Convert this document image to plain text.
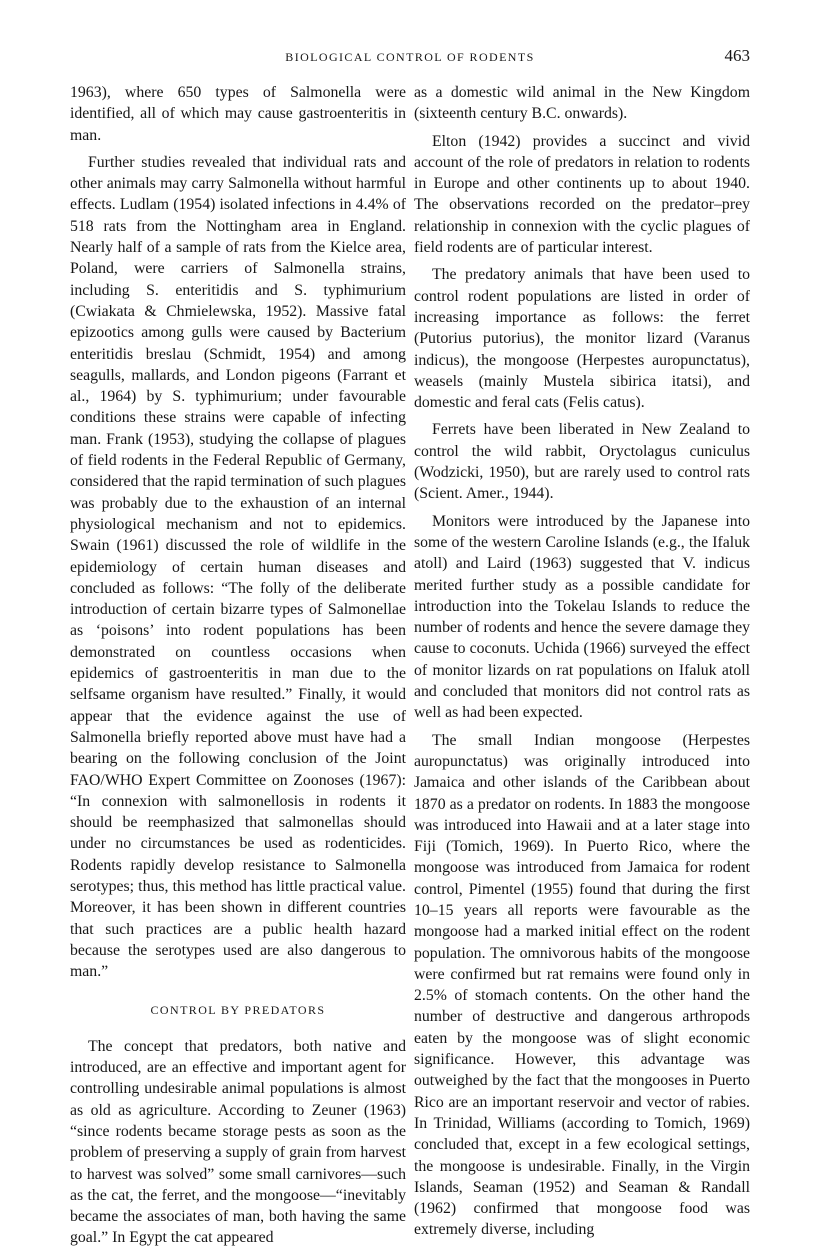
BIOLOGICAL CONTROL OF RODENTS	463

1963), where 650 types of Salmonella were identified, all of which may cause gastroenteritis in man.

Further studies revealed that individual rats and other animals may carry Salmonella without harmful effects. Ludlam (1954) isolated infections in 4.4% of 518 rats from the Nottingham area in England. Nearly half of a sample of rats from the Kielce area, Poland, were carriers of Salmonella strains, including S. enteritidis and S. typhimurium (Cwiakata & Chmielewska, 1952). Massive fatal epizootics among gulls were caused by Bacterium enteritidis breslau (Schmidt, 1954) and among seagulls, mallards, and London pigeons (Farrant et al., 1964) by S. typhimurium; under favourable conditions these strains were capable of infecting man. Frank (1953), studying the collapse of plagues of field rodents in the Federal Republic of Germany, considered that the rapid termination of such plagues was probably due to the exhaustion of an internal physiological mechanism and not to epidemics. Swain (1961) discussed the role of wildlife in the epidemiology of certain human diseases and concluded as follows: “The folly of the deliberate introduction of certain bizarre types of Salmonellae as ‘poisons’ into rodent populations has been demonstrated on countless occasions when epidemics of gastroenteritis in man due to the selfsame organism have resulted.” Finally, it would appear that the evidence against the use of Salmonella briefly reported above must have had a bearing on the following conclusion of the Joint FAO/WHO Expert Committee on Zoonoses (1967): “In connexion with salmonellosis in rodents it should be reemphasized that salmonellas should under no circumstances be used as rodenticides. Rodents rapidly develop resistance to Salmonella serotypes; thus, this method has little practical value. Moreover, it has been shown in different countries that such practices are a public health hazard because the serotypes used are also dangerous to man.”

CONTROL BY PREDATORS

The concept that predators, both native and introduced, are an effective and important agent for controlling undesirable animal populations is almost as old as agriculture. According to Zeuner (1963) “since rodents became storage pests as soon as the problem of preserving a supply of grain from harvest to harvest was solved” some small carnivores—such as the cat, the ferret, and the mongoose—“inevitably became the associates of man, both having the same goal.” In Egypt the cat appeared

as a domestic wild animal in the New Kingdom (sixteenth century B.C. onwards).

Elton (1942) provides a succinct and vivid account of the role of predators in relation to rodents in Europe and other continents up to about 1940. The observations recorded on the predator–prey relationship in connexion with the cyclic plagues of field rodents are of particular interest.

The predatory animals that have been used to control rodent populations are listed in order of increasing importance as follows: the ferret (Putorius putorius), the monitor lizard (Varanus indicus), the mongoose (Herpestes auropunctatus), weasels (mainly Mustela sibirica itatsi), and domestic and feral cats (Felis catus).

Ferrets have been liberated in New Zealand to control the wild rabbit, Oryctolagus cuniculus (Wodzicki, 1950), but are rarely used to control rats (Scient. Amer., 1944).

Monitors were introduced by the Japanese into some of the western Caroline Islands (e.g., the Ifaluk atoll) and Laird (1963) suggested that V. indicus merited further study as a possible candidate for introduction into the Tokelau Islands to reduce the number of rodents and hence the severe damage they cause to coconuts. Uchida (1966) surveyed the effect of monitor lizards on rat populations on Ifaluk atoll and concluded that monitors did not control rats as well as had been expected.

The small Indian mongoose (Herpestes auropunctatus) was originally introduced into Jamaica and other islands of the Caribbean about 1870 as a predator on rodents. In 1883 the mongoose was introduced into Hawaii and at a later stage into Fiji (Tomich, 1969). In Puerto Rico, where the mongoose was introduced from Jamaica for rodent control, Pimentel (1955) found that during the first 10–15 years all reports were favourable as the mongoose had a marked initial effect on the rodent population. The omnivorous habits of the mongoose were confirmed but rat remains were found only in 2.5% of stomach contents. On the other hand the number of destructive and dangerous arthropods eaten by the mongoose was of slight economic significance. However, this advantage was outweighed by the fact that the mongooses in Puerto Rico are an important reservoir and vector of rabies. In Trinidad, Williams (according to Tomich, 1969) concluded that, except in a few ecological settings, the mongoose is undesirable. Finally, in the Virgin Islands, Seaman (1952) and Seaman & Randall (1962) confirmed that mongoose food was extremely diverse, including
